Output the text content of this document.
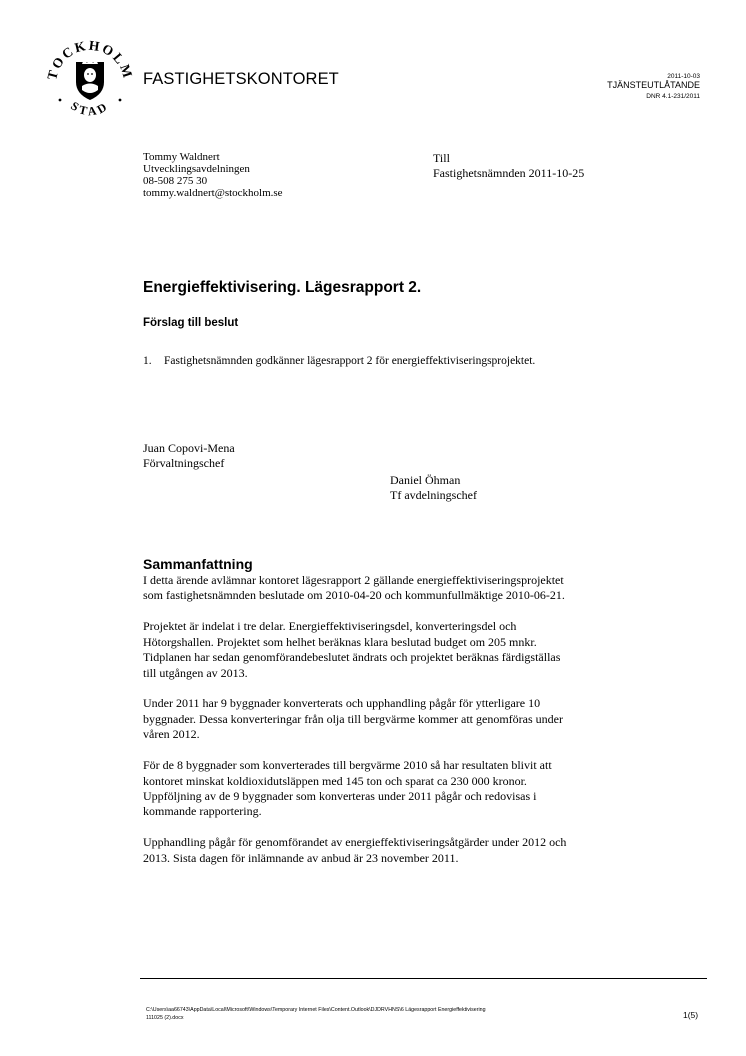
TOCKHOLM
STAD
FASTIGHETSKONTORET	2011-10-03
TJÄNSTEUTLÅTANDE
DNR 4.1-231/2011
Tommy Waldnert
Utvecklingsavdelningen
08-508 275 30
tommy.waldnert@stockholm.se
Till
Fastighetsnämnden 2011-10-25
Energieffektivisering. Lägesrapport 2.
Förslag till beslut
1. Fastighetsnämnden godkänner lägesrapport 2 för energieffektiviseringsprojektet.
Juan Copovi-Mena
Förvaltningschef
Daniel Öhman
Tf avdelningschef
Sammanfattning

I detta ärende avlämnar kontoret lägesrapport 2 gällande energieffektiviseringsprojektet
som fastighetsnämnden beslutade om 2010-04-20 och kommunfullmäktige 2010-06-21.

Projektet är indelat i tre delar. Energieffektiviseringsdel, konverteringsdel och
Hötorgshallen. Projektet som helhet beräknas klara beslutad budget om 205 mnkr.
Tidplanen har sedan genomförandebeslutet ändrats och projektet beräknas färdigställas
till utgången av 2013.

Under 2011 har 9 byggnader konverterats och upphandling pågår för ytterligare 10
byggnader. Dessa konverteringar från olja till bergvärme kommer att genomföras under
våren 2012.

För de 8 byggnader som konverterades till bergvärme 2010 så har resultaten blivit att
kontoret minskat koldioxidutsläppen med 145 ton och sparat ca 230 000 kronor.
Uppföljning av de 9 byggnader som konverteras under 2011 pågår och redovisas i
kommande rapportering.

Upphandling pågår för genomförandet av energieffektiviseringsåtgärder under 2012 och
2013. Sista dagen för inlämnande av anbud är 23 november 2011.

C:\Users\aa66743\AppData\Local\Microsoft\Windows\Temporary Internet Files\Content.Outlook\DJDRVHNS\6 Lägesrapport Energieffektivisering
111025 (2).docx	1(5)
